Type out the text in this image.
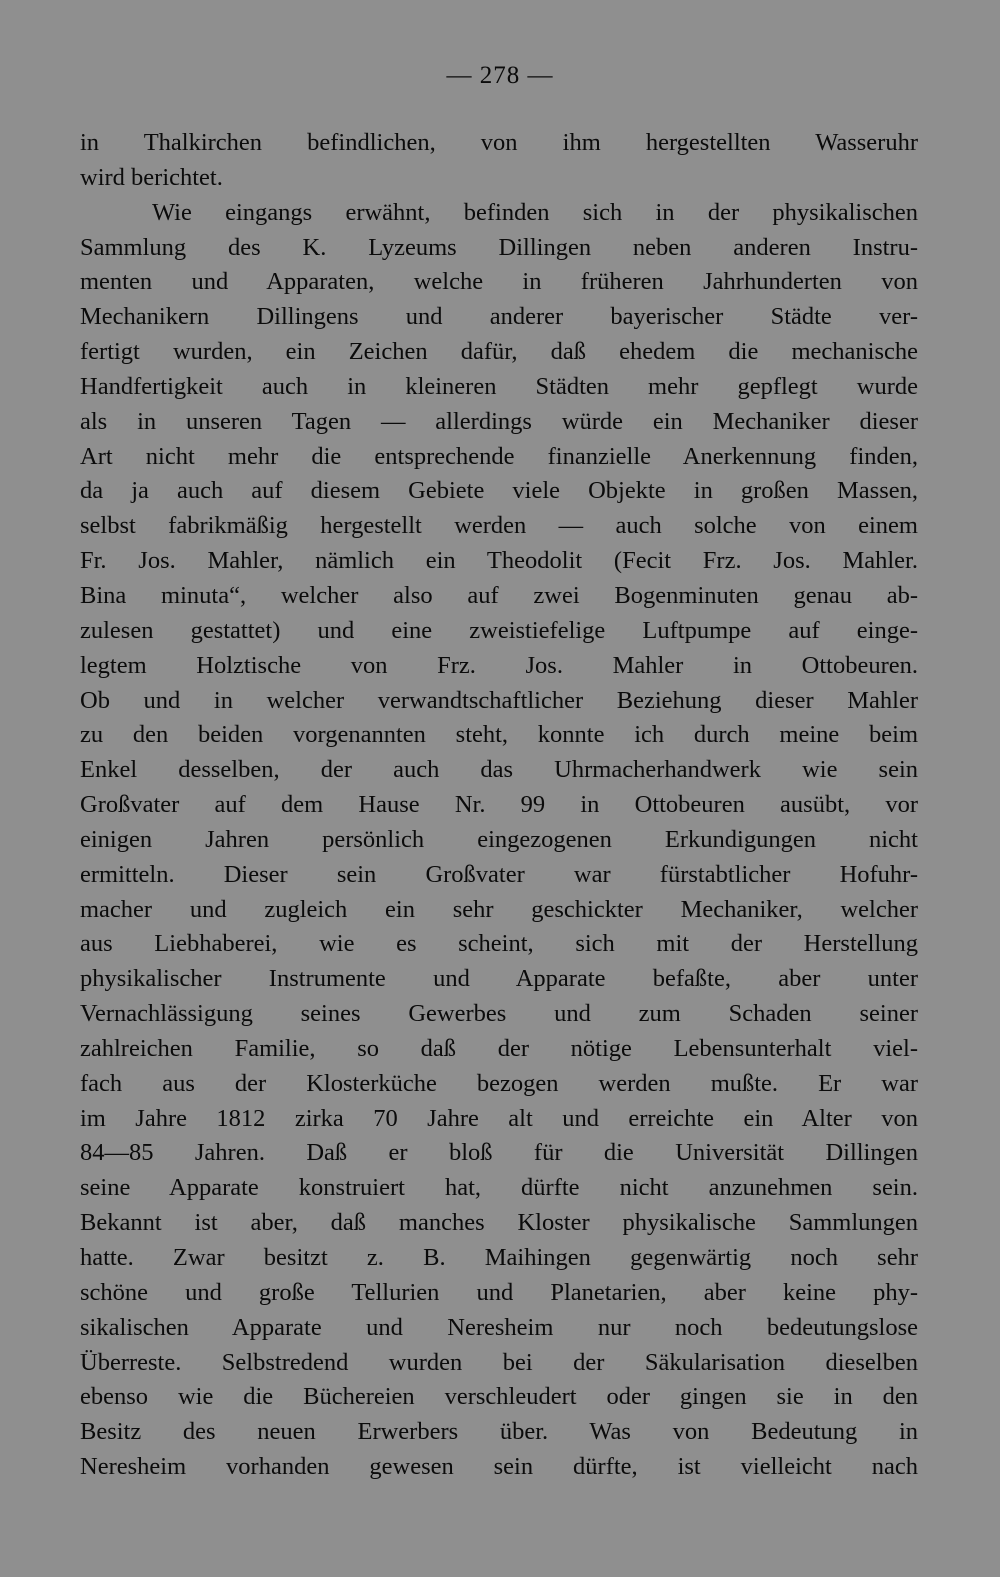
— 278 —
in Thalkirchen befindlichen, von ihm hergestellten Wasseruhr
wird berichtet.
Wie eingangs erwähnt, befinden sich in der physikalischen
Sammlung des K. Lyzeums Dillingen neben anderen Instru-
menten und Apparaten, welche in früheren Jahrhunderten von
Mechanikern Dillingens und anderer bayerischer Städte ver-
fertigt wurden, ein Zeichen dafür, daß ehedem die mechanische
Handfertigkeit auch in kleineren Städten mehr gepflegt wurde
als in unseren Tagen — allerdings würde ein Mechaniker dieser
Art nicht mehr die entsprechende finanzielle Anerkennung finden,
da ja auch auf diesem Gebiete viele Objekte in großen Massen,
selbst fabrikmäßig hergestellt werden — auch solche von einem
Fr. Jos. Mahler, nämlich ein Theodolit (Fecit Frz. Jos. Mahler.
Bina minuta“, welcher also auf zwei Bogenminuten genau ab-
zulesen gestattet) und eine zweistiefelige Luftpumpe auf einge-
legtem Holztische von Frz. Jos. Mahler in Ottobeuren.
Ob und in welcher verwandtschaftlicher Beziehung dieser Mahler
zu den beiden vorgenannten steht, konnte ich durch meine beim
Enkel desselben, der auch das Uhrmacherhandwerk wie sein
Großvater auf dem Hause Nr. 99 in Ottobeuren ausübt, vor
einigen Jahren persönlich eingezogenen Erkundigungen nicht
ermitteln. Dieser sein Großvater war fürstabtlicher Hofuhr-
macher und zugleich ein sehr geschickter Mechaniker, welcher
aus Liebhaberei, wie es scheint, sich mit der Herstellung
physikalischer Instrumente und Apparate befaßte, aber unter
Vernachlässigung seines Gewerbes und zum Schaden seiner
zahlreichen Familie, so daß der nötige Lebensunterhalt viel-
fach aus der Klosterküche bezogen werden mußte. Er war
im Jahre 1812 zirka 70 Jahre alt und erreichte ein Alter von
84—85 Jahren. Daß er bloß für die Universität Dillingen
seine Apparate konstruiert hat, dürfte nicht anzunehmen sein.
Bekannt ist aber, daß manches Kloster physikalische Sammlungen
hatte. Zwar besitzt z. B. Maihingen gegenwärtig noch sehr
schöne und große Tellurien und Planetarien, aber keine phy-
sikalischen Apparate und Neresheim nur noch bedeutungslose
Überreste. Selbstredend wurden bei der Säkularisation dieselben
ebenso wie die Büchereien verschleudert oder gingen sie in den
Besitz des neuen Erwerbers über. Was von Bedeutung in
Neresheim vorhanden gewesen sein dürfte, ist vielleicht nach
